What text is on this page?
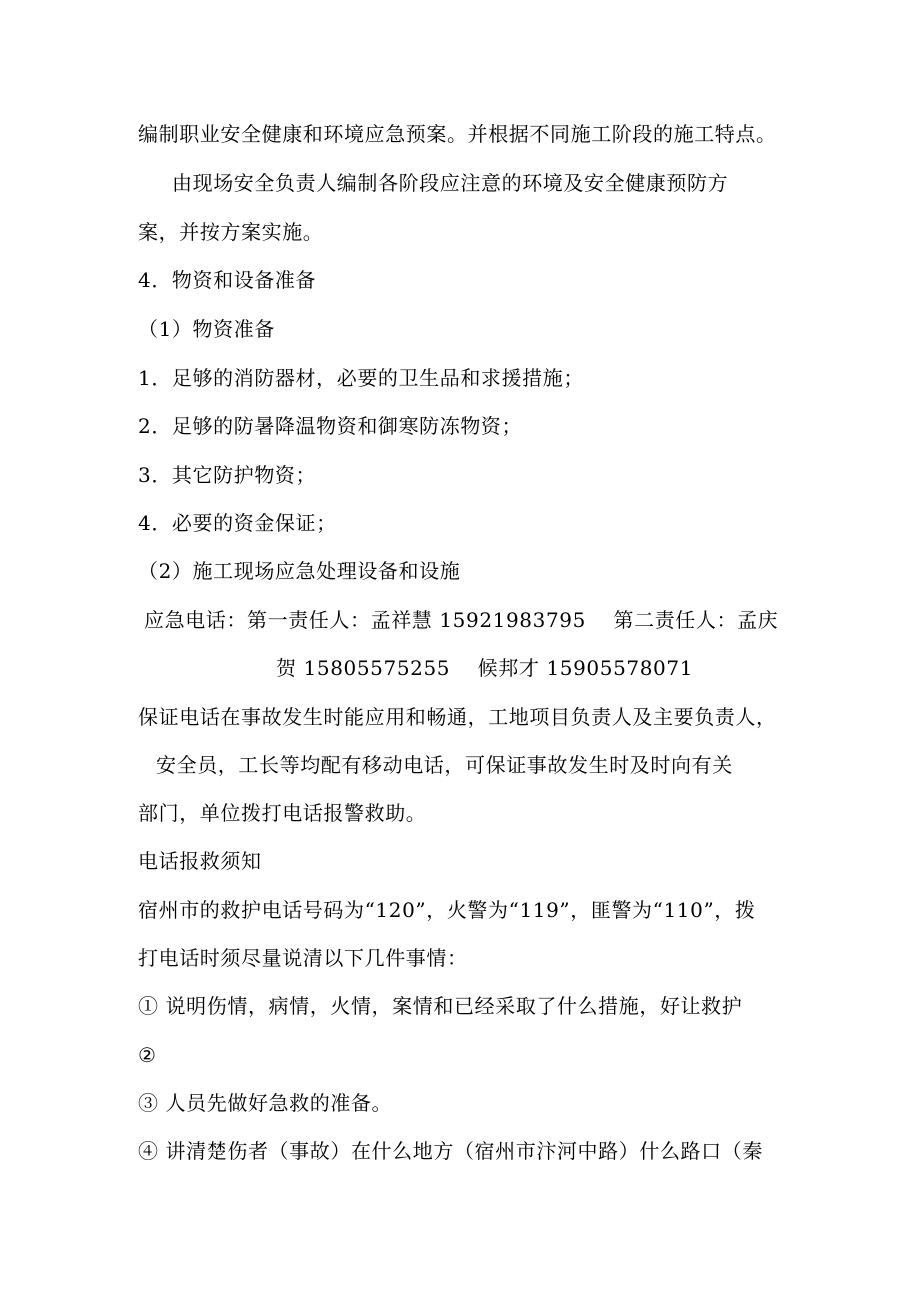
编制职业安全健康和环境应急预案。并根据不同施工阶段的施工特点。
由现场安全负责人编制各阶段应注意的环境及安全健康预防方
案，并按方案实施。
4．物资和设备准备
（1）物资准备
1．足够的消防器材，必要的卫生品和求援措施；
2．足够的防暑降温物资和御寒防冻物资；
3．其它防护物资；
4．必要的资金保证；
（2）施工现场应急处理设备和设施
应急电话：第一责任人：孟祥慧 15921983795　 第二责任人：孟庆
贺 15805575255　 候邦才 15905578071
保证电话在事故发生时能应用和畅通，工地项目负责人及主要负责人，
安全员，工长等均配有移动电话，可保证事故发生时及时向有关
部门，单位拨打电话报警救助。
电话报救须知
宿州市的救护电话号码为“120”，火警为“119”，匪警为“110”，拨
打电话时须尽量说清以下几件事情：
① 说明伤情，病情，火情，案情和已经采取了什么措施，好让救护
②
③ 人员先做好急救的准备。
④ 讲清楚伤者（事故）在什么地方（宿州市汴河中路）什么路口（秦
